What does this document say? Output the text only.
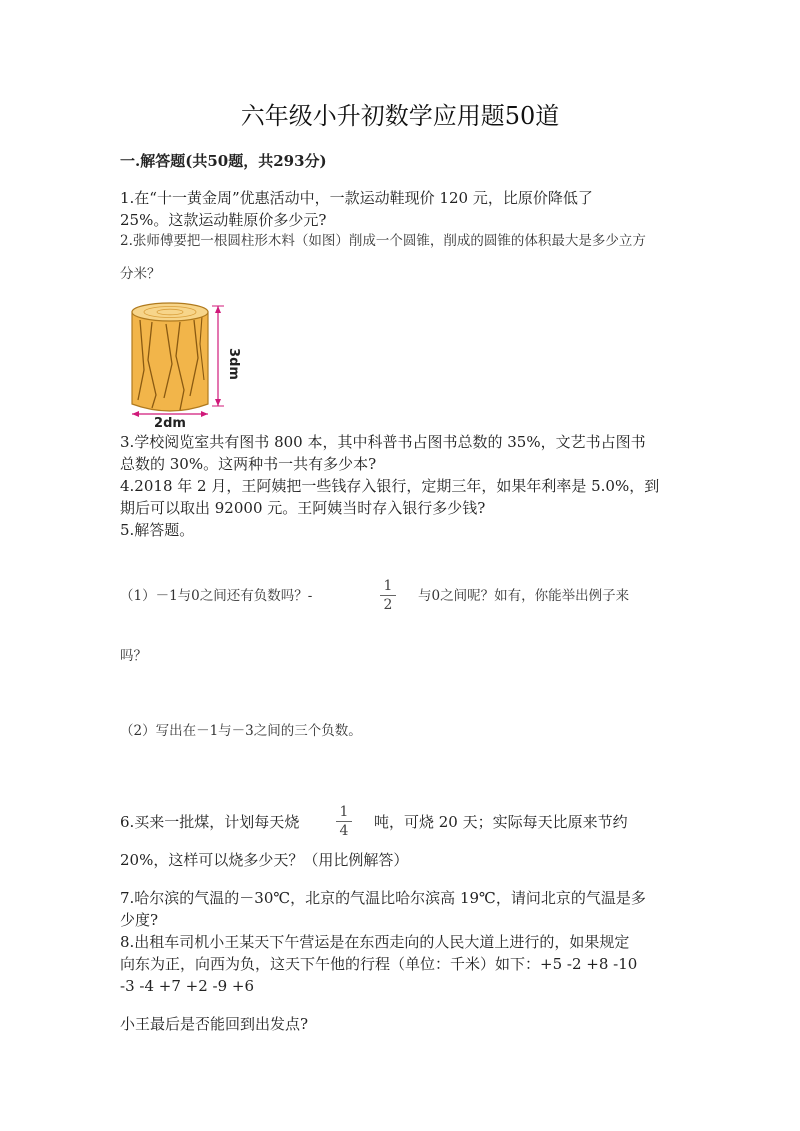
六年级小升初数学应用题50道
一.解答题(共50题，共293分)
1.在“十一黄金周”优惠活动中，一款运动鞋现价 120 元，比原价降低了
25%。这款运动鞋原价多少元?
2.张师傅要把一根圆柱形木料（如图）削成一个圆锥，削成的圆锥的体积最大是多少立方
分米？
3dm
2dm
3.学校阅览室共有图书 800 本，其中科普书占图书总数的 35%，文艺书占图书
总数的 30%。这两种书一共有多少本?
4.2018 年 2 月，王阿姨把一些钱存入银行，定期三年，如果年利率是 5.0%，到
期后可以取出 92000 元。王阿姨当时存入银行多少钱?
5.解答题。
（1）－1与0之间还有负数吗？-
1
2
与0之间呢？如有，你能举出例子来
吗？
（2）写出在－1与－3之间的三个负数。
6.买来一批煤，计划每天烧
1
4	吨，可烧 20 天；实际每天比原来节约
20%，这样可以烧多少天？（用比例解答）
7.哈尔滨的气温的－30℃，北京的气温比哈尔滨高 19℃，请问北京的气温是多
少度?
8.出租车司机小王某天下午营运是在东西走向的人民大道上进行的，如果规定
向东为正，向西为负，这天下午他的行程（单位：千米）如下：+5 -2 +8 -10
-3 -4 +7 +2 -9 +6
小王最后是否能回到出发点?
